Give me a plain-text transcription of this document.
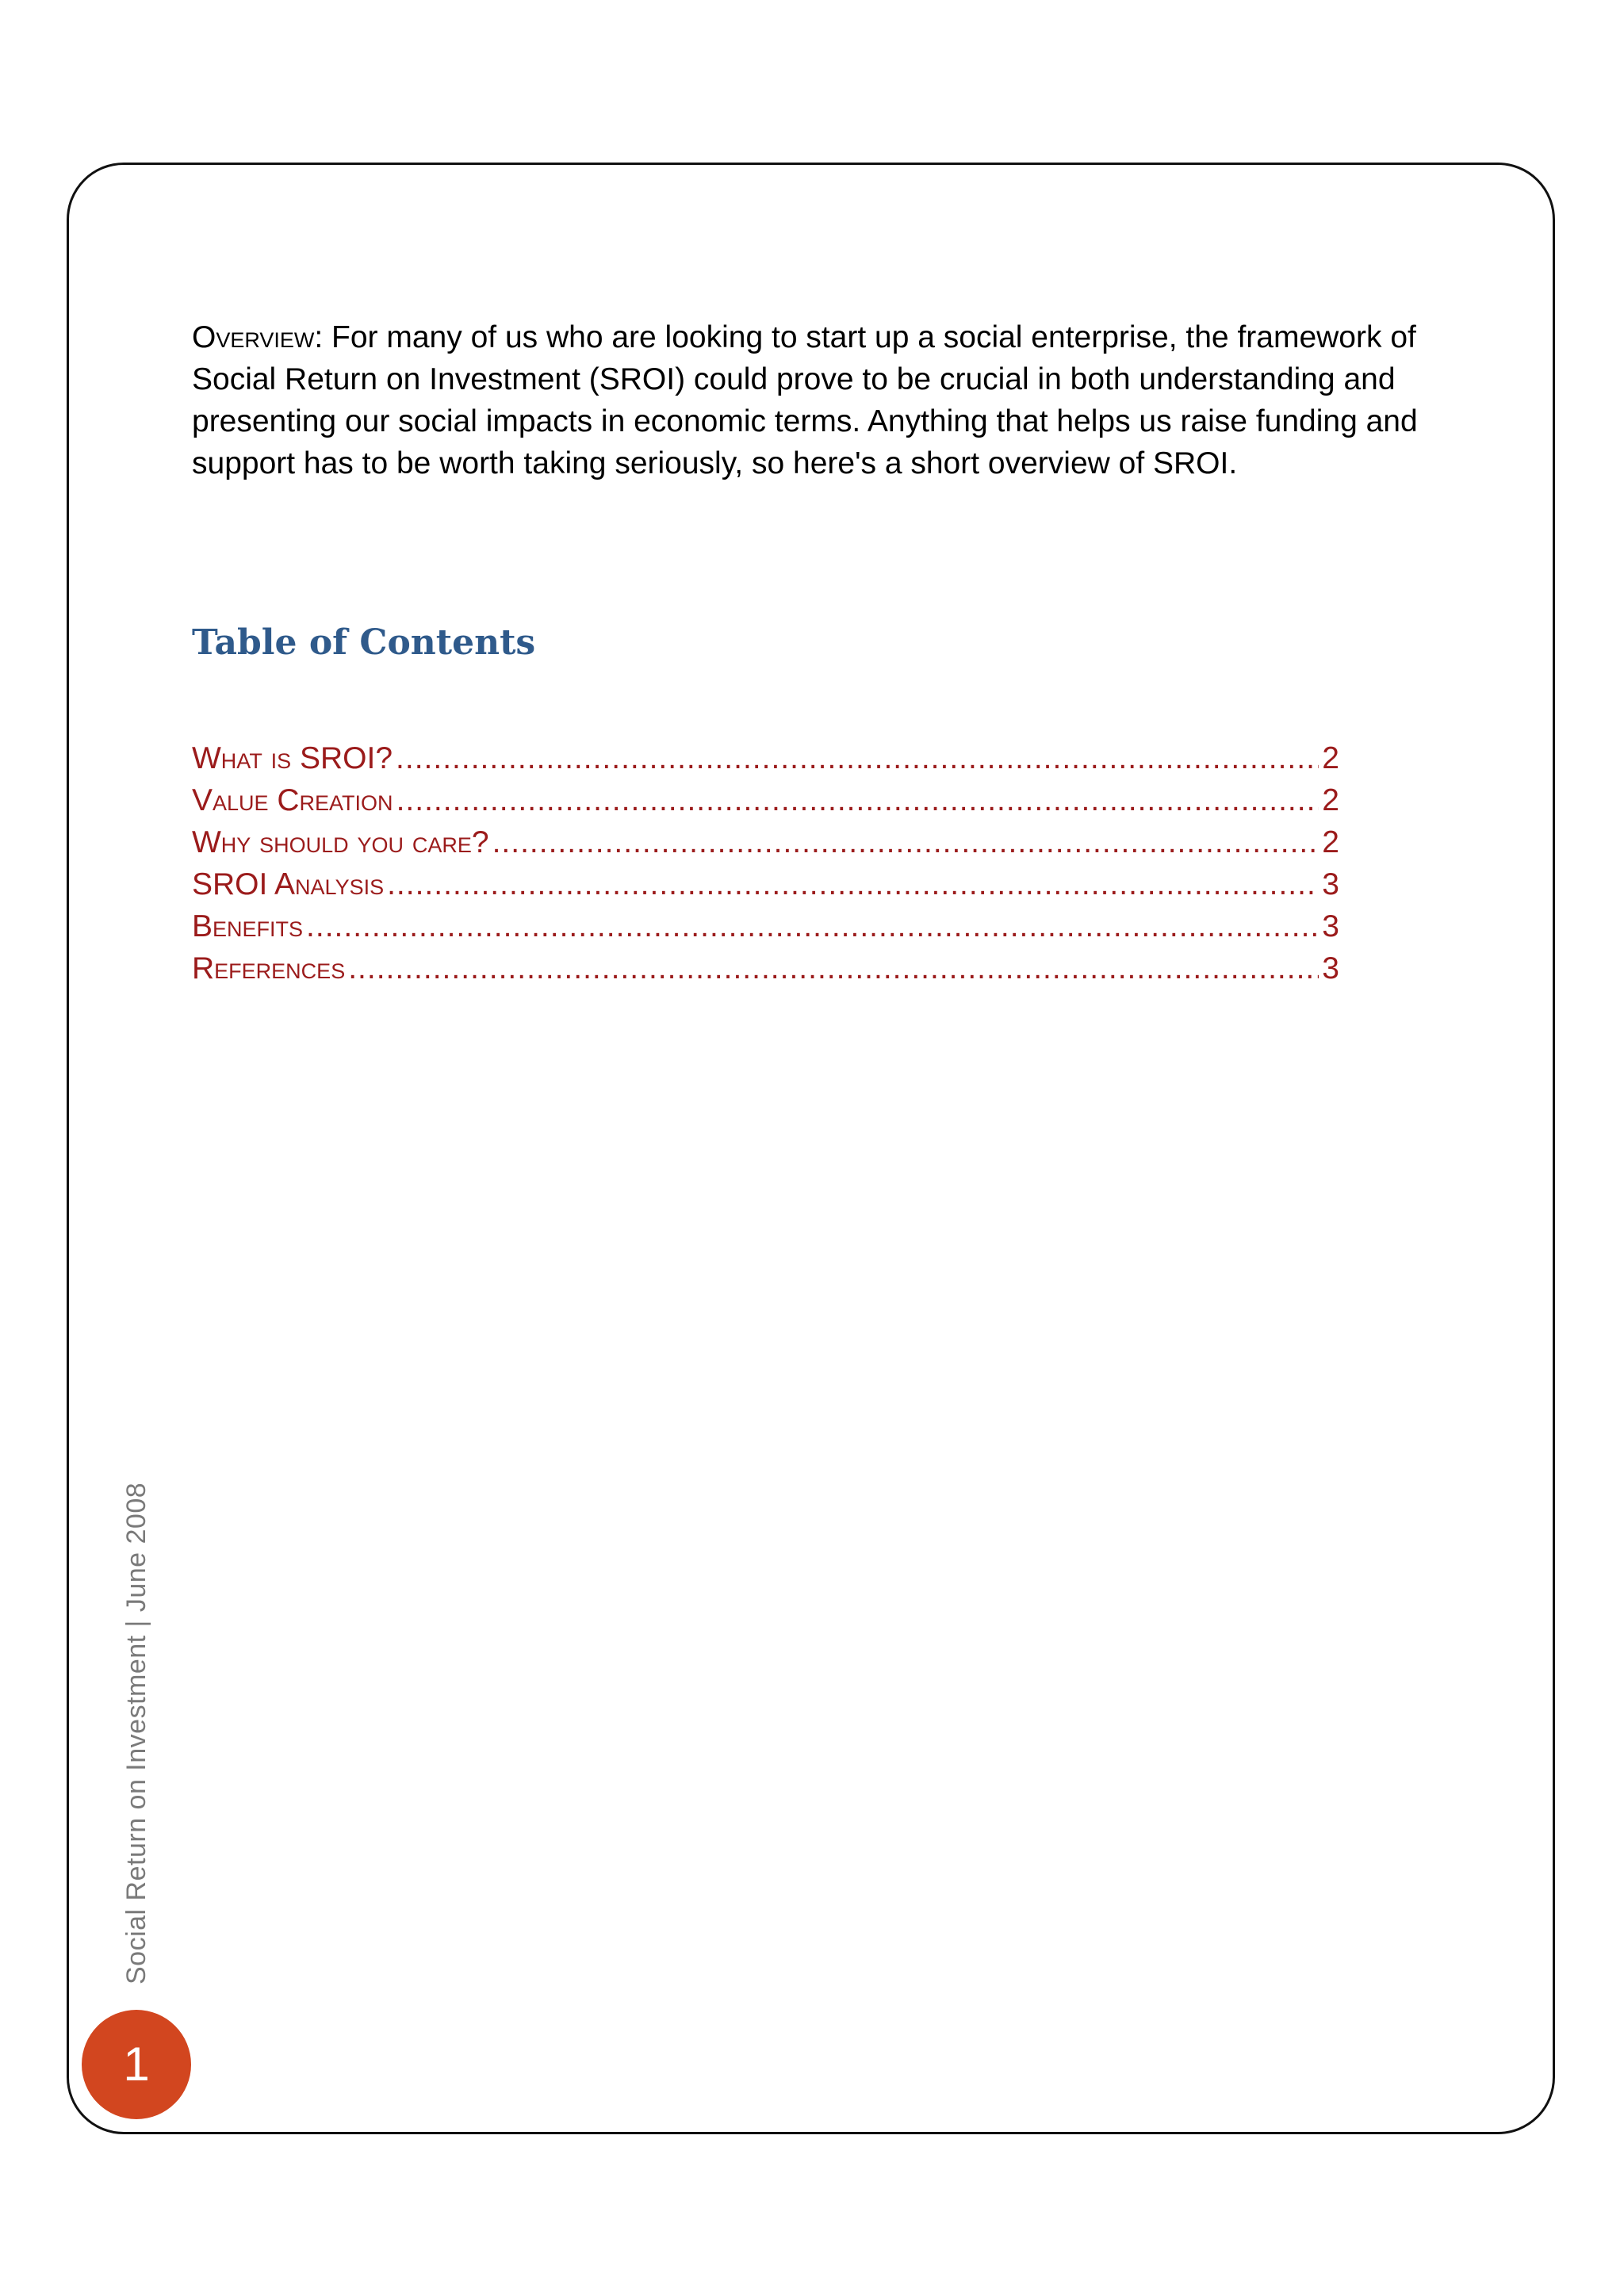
Overview: For many of us who are looking to start up a social enterprise, the framework of Social Return on Investment (SROI) could prove to be crucial in both understanding and presenting our social impacts in economic terms. Anything that helps us raise funding and support has to be worth taking seriously, so here's a short overview of SROI.

Table of Contents
What is SROI? .....	2
Value Creation .....	2
Why should you care? .....	2
SROI Analysis .....	3
Benefits .....	3
References .....	3
Social Return on Investment | June 2008
1
